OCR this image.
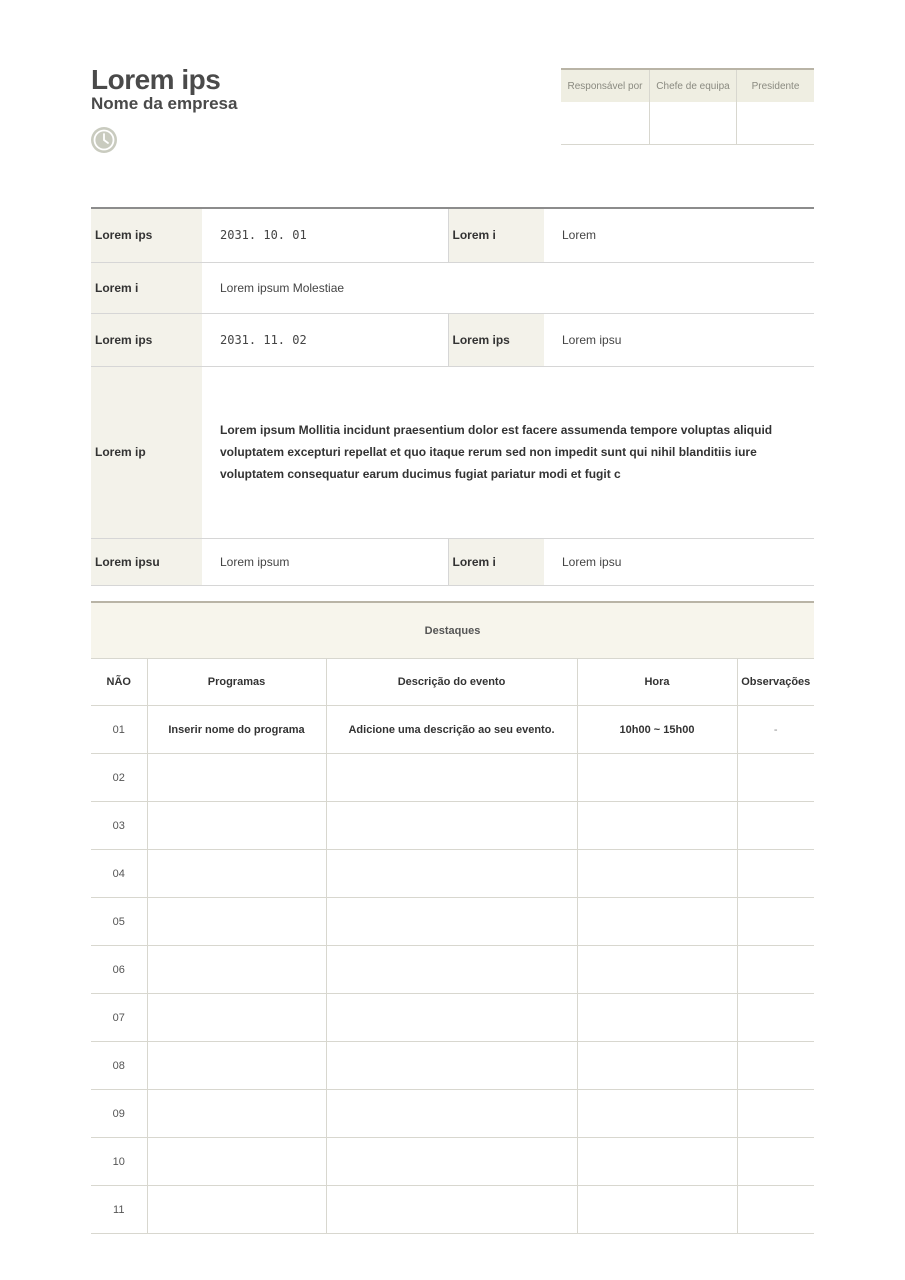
Lorem ips
Nome da empresa
Responsável por	Chefe de equipa	Presidente

Lorem ips	2031. 10. 01	Lorem i	Lorem
Lorem i	Lorem ipsum Molestiae		
Lorem ips	2031. 11. 02	Lorem ips	Lorem ipsu
Lorem ip	Lorem ipsum Mollitia incidunt praesentium dolor est facere assumenda tempore voluptas aliquid voluptatem excepturi repellat et quo itaque rerum sed non impedit sunt qui nihil blanditiis iure voluptatem consequatur earum ducimus fugiat pariatur modi et fugit c		
Lorem ipsu	Lorem ipsum	Lorem i	Lorem ipsu
Destaques				
NÃO	Programas	Descrição do evento	Hora	Observações
01	Inserir nome do programa	Adicione uma descrição ao seu evento.	10h00 ~ 15h00	-
02				
03				
04				
05				
06				
07				
08				
09				
10				
11				
